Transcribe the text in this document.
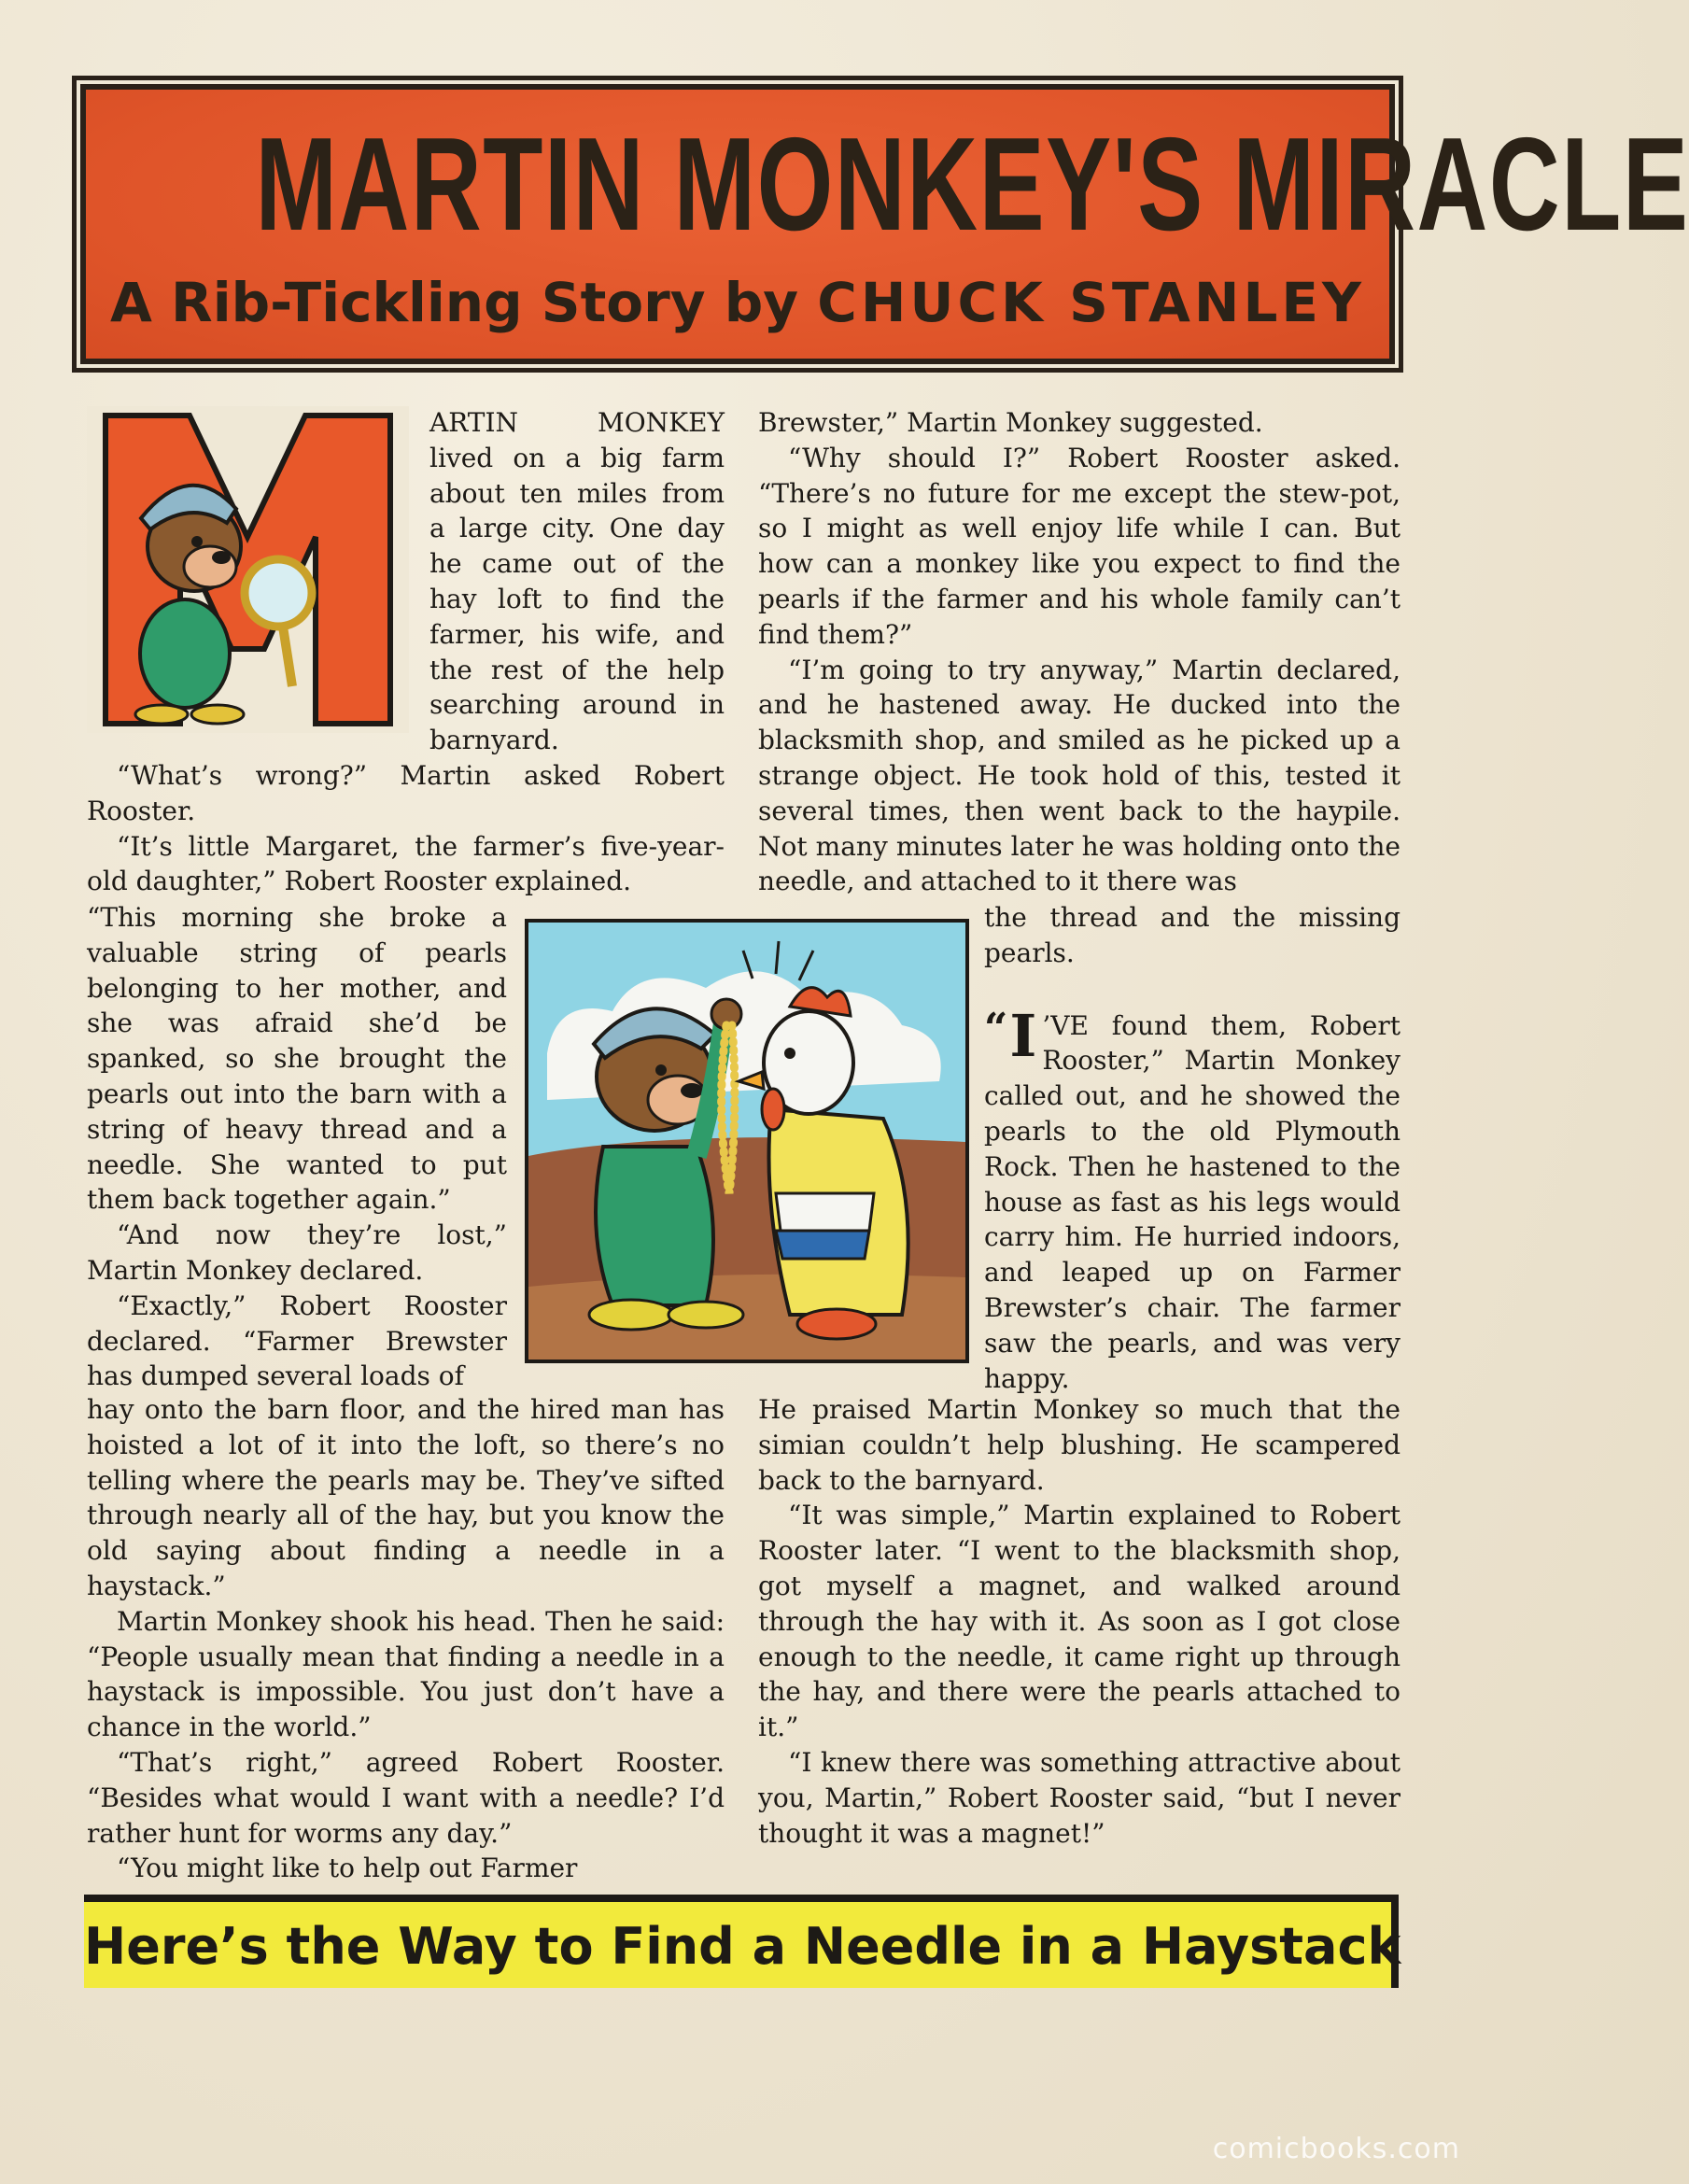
MARTIN MONKEY'S MIRACLE
A Rib-Tickling Story by CHUCK STANLEY

ARTIN MONKEY lived on a big farm about ten miles from a large city. One day he came out of the hay loft to find the farmer, his wife, and the rest of the help searching around in barnyard.

“What’s wrong?” Martin asked Robert Rooster.

“It’s little Margaret, the farmer’s five-year-old daughter,” Robert Rooster explained.

“This morning she broke a valuable string of pearls belonging to her mother, and she was afraid she’d be spanked, so she brought the pearls out into the barn with a string of heavy thread and a needle. She wanted to put them back together again.”

“And now they’re lost,” Martin Monkey declared.

“Exactly,” Robert Rooster declared. “Farmer Brewster has dumped several loads of

hay onto the barn floor, and the hired man has hoisted a lot of it into the loft, so there’s no telling where the pearls may be. They’ve sifted through nearly all of the hay, but you know the old saying about finding a needle in a haystack.”

Martin Monkey shook his head. Then he said: “People usually mean that finding a needle in a haystack is impossible. You just don’t have a chance in the world.”

“That’s right,” agreed Robert Rooster. “Besides what would I want with a needle? I’d rather hunt for worms any day.”

“You might like to help out Farmer

Brewster,” Martin Monkey suggested.

“Why should I?” Robert Rooster asked. “There’s no future for me except the stew-pot, so I might as well enjoy life while I can. But how can a monkey like you expect to find the pearls if the farmer and his whole family can’t find them?”

“I’m going to try anyway,” Martin declared, and he hastened away. He ducked into the blacksmith shop, and smiled as he picked up a strange object. He took hold of this, tested it several times, then went back to the haypile. Not many minutes later he was holding onto the needle, and attached to it there was

the thread and the missing pearls.

“ I ’VE found them, Robert Rooster,” Martin Monkey called out, and he showed the pearls to the old Plymouth Rock. Then he hastened to the house as fast as his legs would carry him. He hurried indoors, and leaped up on Farmer Brewster’s chair. The farmer saw the pearls, and was very happy.

He praised Martin Monkey so much that the simian couldn’t help blushing. He scampered back to the barnyard.

“It was simple,” Martin explained to Robert Rooster later. “I went to the blacksmith shop, got myself a magnet, and walked around through the hay with it. As soon as I got close enough to the needle, it came right up through the hay, and there were the pearls attached to it.”

“I knew there was something attractive about you, Martin,” Robert Rooster said, “but I never thought it was a magnet!”

Here’s the Way to Find a Needle in a Haystack
comicbooks.com
